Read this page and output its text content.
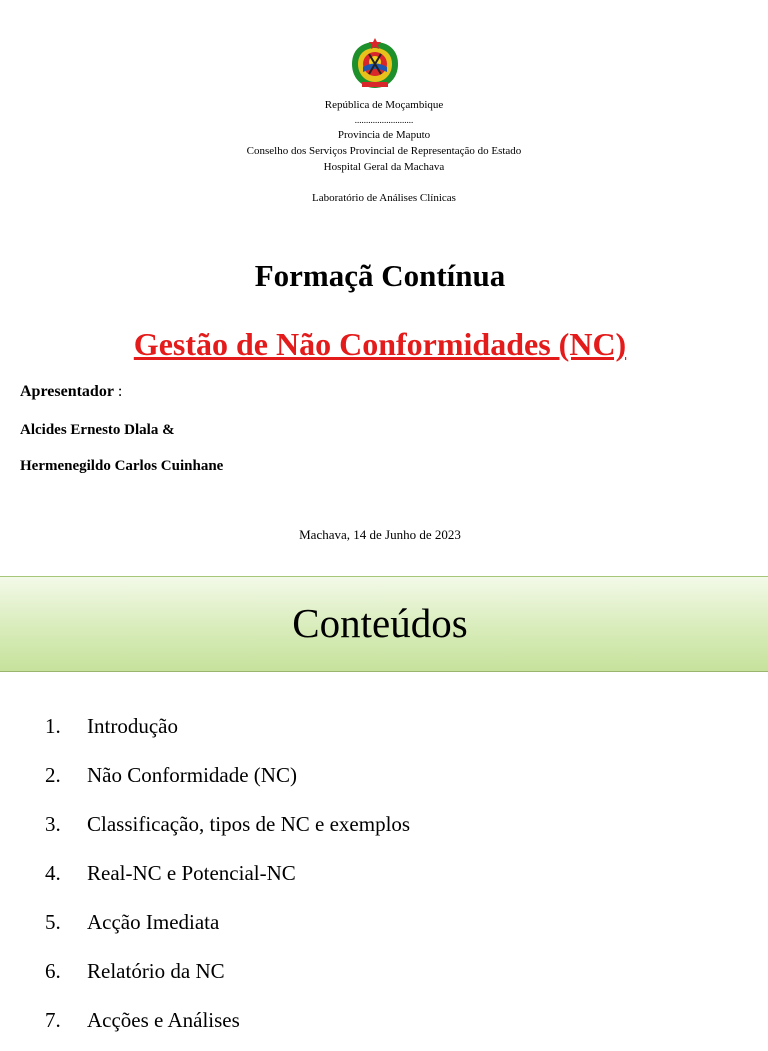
República de Moçambique
..........................
Provincia de Maputo
Conselho dos Serviços Provincial de Representação do Estado
Hospital Geral da Machava
Laboratório de Análises Clínicas
Formaçã Contínua
Gestão de Não Conformidades (NC)
Apresentador :
Alcides Ernesto Dlala &
Hermenegildo Carlos Cuinhane
Machava, 14 de Junho de 2023
Conteúdos
1. Introdução
2. Não Conformidade (NC)
3. Classificação, tipos de NC e exemplos
4. Real-NC e Potencial-NC
5. Acção Imediata
6. Relatório da NC
7. Acções e Análises
